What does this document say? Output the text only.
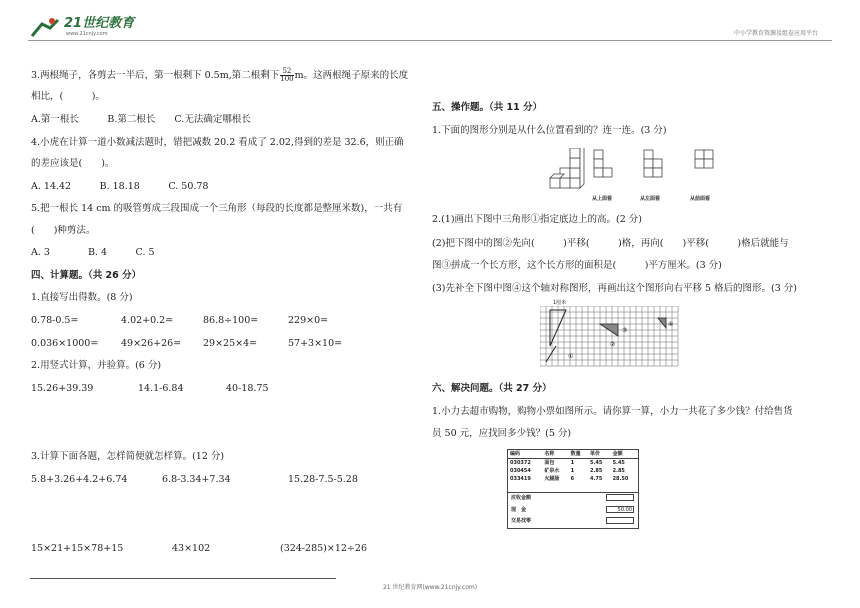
21世纪教育
www.21cnjy.com	中小学教育资源及组卷应用平台
3.两根绳子，各剪去一半后，第一根剩下 0.5m,第二根剩下 $\frac{52}{100}$ m。这两根绳子原来的长度
相比，(　　　)。
A.第一根长　　　B.第二根长　　C.无法确定哪根长
4.小虎在计算一道小数减法题时，错把减数 20.2 看成了 2.02,得到的差是 32.6，则正确
的差应该是(　　)。
A. 14.42　　　B. 18.18　　　C. 50.78
5.把一根长 14 cm 的吸管剪成三段围成一个三角形（每段的长度都是整厘米数)，一共有
(　　)种剪法。
A. 3　　　　B. 4　　　C. 5
四、计算题。（共 26 分）
1.直接写出得数。(8 分)
0.78-0.5=	4.02+0.2=	86.8÷100=	229×0=
0.036×1000= 49×26+26= 29×25×4=	57+3×10=
2.用竖式计算，并验算。(6 分)
15.26+39.39	14.1-6.84	40-18.75
3.计算下面各题，怎样简便就怎样算。(12 分)
5.8+3.26+4.2+6.74	6.8-3.34+7.34	15.28-7.5-5.28
15×21+15×78+15	43×102	(324-285)×12÷26
五、操作题。（共 11 分）
1.下面的图形分别是从什么位置看到的？连一连。(3 分)
从上面看	从左面看	从前面看
2.(1)画出下图中三角形①指定底边上的高。(2 分)
(2)把下图中的图②先向(　　　)平移(　　　)格，再向(　　)平移(　　　)格后就能与
图③拼成一个长方形，这个长方形的面积是(　　　)平方厘米。(3 分)
(3)先补全下图中图④这个轴对称图形，再画出这个图形向右平移 5 格后的图形。(3 分)
1厘米
①
②
③
④
六、解决问题。（共 27 分）
1.小力去超市购物，购物小票如图所示。请你算一算，小力一共花了多少钱？付给售货
员 50 元，应找回多少钱？(5 分)
编码	名称	数量	单价	金额
030372	面包	1	5.45	5.45
030454	矿泉水	1	2.85	2.85
033419	火腿肠	6	4.75	28.50
应收金额
现　金	50.00
交易找零
21 世纪教育网(www.21cnjy.com)
